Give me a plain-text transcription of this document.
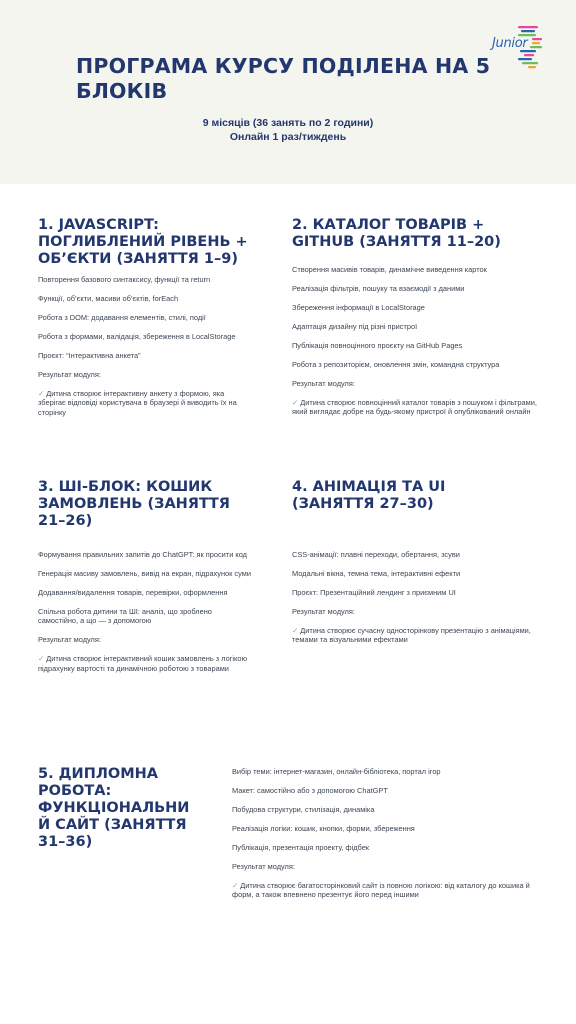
ПРОГРАМА КУРСУ ПОДІЛЕНА НА 5 БЛОКІВ
9 місяців (36 занять по 2 години)
Онлайн 1 раз/тиждень
Junior
1. JAVASCRIPT: ПОГЛИБЛЕНИЙ РІВЕНЬ + ОБ’ЄКТИ (ЗАНЯТТЯ 1–9)

Повторення базового синтаксису, функції та return

Функції, об’єкти, масиви об’єктів, forEach

Робота з DOM: додавання елементів, стилі, події

Робота з формами, валідація, збереження в LocalStorage

Проєкт: “Інтерактивна анкета”

Результат модуля:

✓ Дитина створює інтерактивну анкету з формою, яка зберігає відповіді користувача в браузері й виводить їх на сторінку

2. КАТАЛОГ ТОВАРІВ + GITHUB (ЗАНЯТТЯ 11–20)

Створення масивів товарів, динамічне виведення карток

Реалізація фільтрів, пошуку та взаємодії з даними

Збереження інформації в LocalStorage

Адаптація дизайну під різні пристрої

Публікація повноцінного проєкту на GitHub Pages

Робота з репозиторієм, оновлення змін, командна структура

Результат модуля:

✓ Дитина створює повноцінний каталог товарів з пошуком і фільтрами, який виглядає добре на будь-якому пристрої й опублікований онлайн

3. ШІ-БЛОК: КОШИК ЗАМОВЛЕНЬ (ЗАНЯТТЯ 21–26)

Формування правильних запитів до ChatGPT: як просити код

Генерація масиву замовлень, вивід на екран, підрахунок суми

Додавання/видалення товарів, перевірки, оформлення

Спільна робота дитини та ШІ: аналіз, що зроблено самостійно, а що — з допомогою

Результат модуля:

✓ Дитина створює інтерактивний кошик замовлень з логікою підрахунку вартості та динамічною роботою з товарами

4. АНІМАЦІЯ ТА UI (ЗАНЯТТЯ 27–30)

CSS-анімації: плавні переходи, обертання, зсуви

Модальні вікна, темна тема, інтерактивні ефекти

Проєкт: Презентаційний лендинг з приємним UI

Результат модуля:

✓ Дитина створює сучасну односторінкову презентацію з анімаціями, темами та візуальними ефектами

5. ДИПЛОМНА РОБОТА: ФУНКЦІОНАЛЬНИ Й САЙТ (ЗАНЯТТЯ 31–36)

Вибір теми: інтернет-магазин, онлайн-бібліотека, портал ігор

Макет: самостійно або з допомогою ChatGPT

Побудова структури, стилізація, динаміка

Реалізація логіки: кошик, кнопки, форми, збереження

Публікація, презентація проекту, фідбек

Результат модуля:

✓ Дитина створює багатосторінковий сайт із повною логікою: від каталогу до кошика й форм, а також впевнено презентує його перед іншими
